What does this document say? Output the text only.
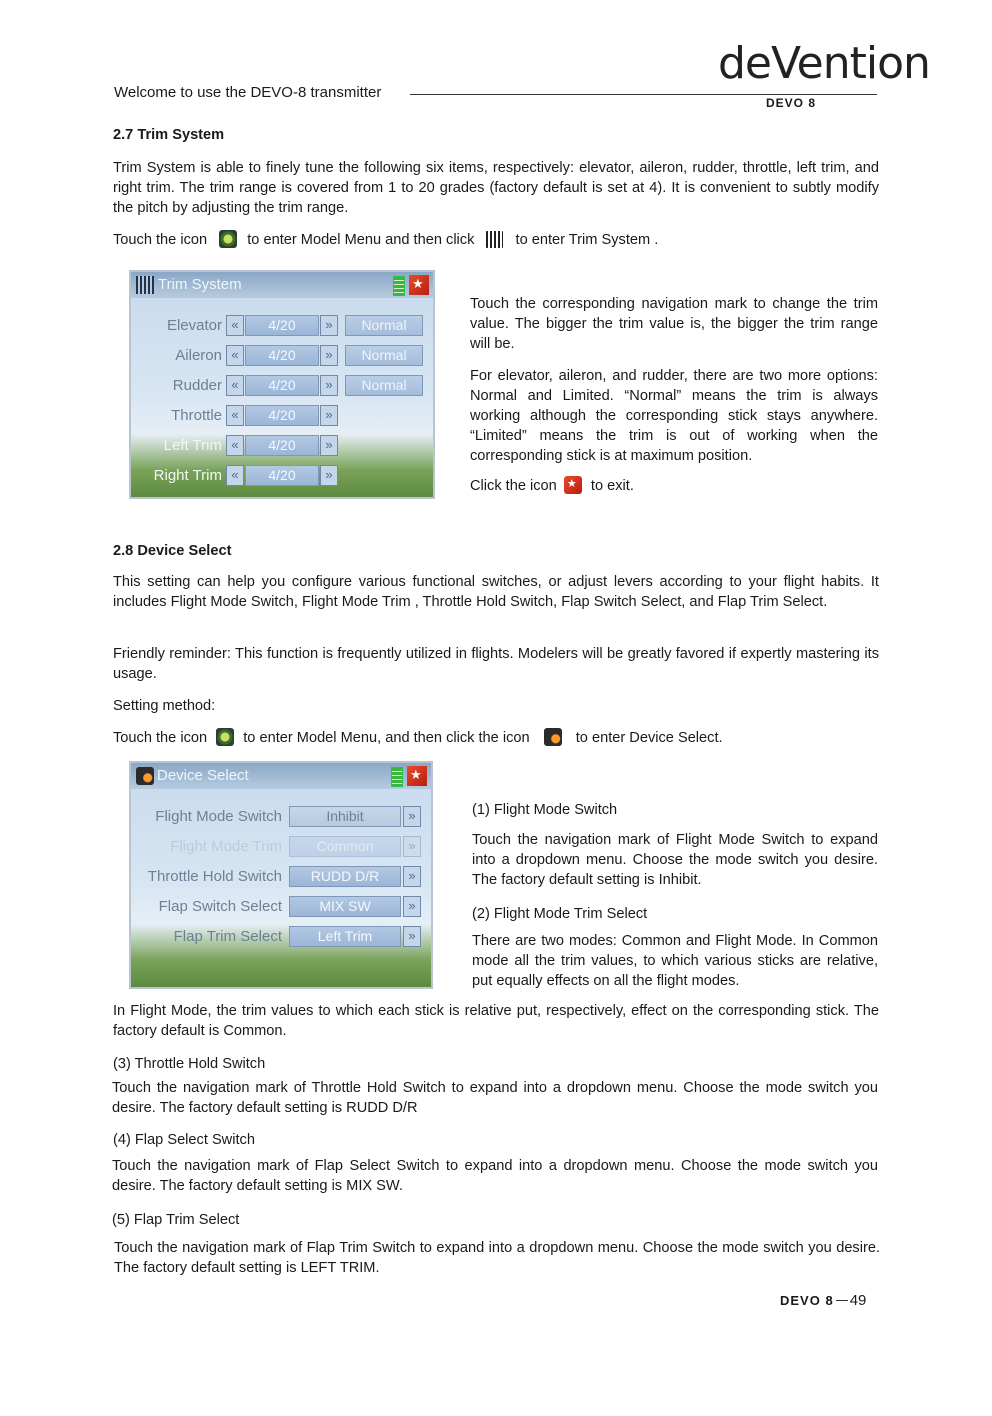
Welcome to use the DEVO-8 transmitter
deVention
DEVO 8
2.7 Trim System

Trim System is able to finely tune the following six items, respectively: elevator, aileron, rudder, throttle, left trim, and right trim. The trim range is covered from 1 to 20 grades (factory default is set at 4). It is convenient to subtly modify the pitch by adjusting the trim range.

Touch the icon	to enter Model Menu and then click	to enter Trim System .
Trim System
★
Elevator «	4/20	»	Normal
Aileron «	4/20	»	Normal
Rudder «	4/20	»	Normal
Throttle «	4/20	»
Left Trim «	4/20	»
Right Trim «	4/20	»

Touch the corresponding navigation mark to change the trim value. The bigger the trim value is, the bigger the trim range will be.

For elevator, aileron, and rudder, there are two more options: Normal and Limited. “Normal” means the trim is always working although the corresponding stick stays anywhere. “Limited” means the trim is out of working when the corresponding stick is at maximum position.

Click the icon ★ to exit.
2.8 Device Select

This setting can help you configure various functional switches, or adjust levers according to your flight habits. It includes Flight Mode Switch, Flight Mode Trim , Throttle Hold Switch, Flap Switch Select, and Flap Trim Select.

Friendly reminder: This function is frequently utilized in flights. Modelers will be greatly favored if expertly mastering its usage.

Setting method:

Touch the icon to enter Model Menu, and then click the icon	to enter Device Select.
Device Select
★
Flight Mode Switch	Inhibit	»
Flight Mode Trim	Common	»
Throttle Hold Switch	RUDD D/R	»
Flap Switch Select	MIX SW	»
Flap Trim Select	Left Trim	»
(1) Flight Mode Switch

Touch the navigation mark of Flight Mode Switch to expand into a dropdown menu. Choose the mode switch you desire. The factory default setting is Inhibit.

(2) Flight Mode Trim Select

There are two modes: Common and Flight Mode. In Common mode all the trim values, to which various sticks are relative, put equally effects on all the flight modes.

In Flight Mode, the trim values to which each stick is relative put, respectively, effect on the corresponding stick. The factory default is Common.

(3) Throttle Hold Switch

Touch the navigation mark of Throttle Hold Switch to expand into a dropdown menu. Choose the mode switch you desire. The factory default setting is RUDD D/R

(4) Flap Select Switch

Touch the navigation mark of Flap Select Switch to expand into a dropdown menu. Choose the mode switch you desire. The factory default setting is MIX SW.

(5) Flap Trim Select

Touch the navigation mark of Flap Trim Switch to expand into a dropdown menu. Choose the mode switch you desire. The factory default setting is LEFT TRIM.

DEVO 8 49
